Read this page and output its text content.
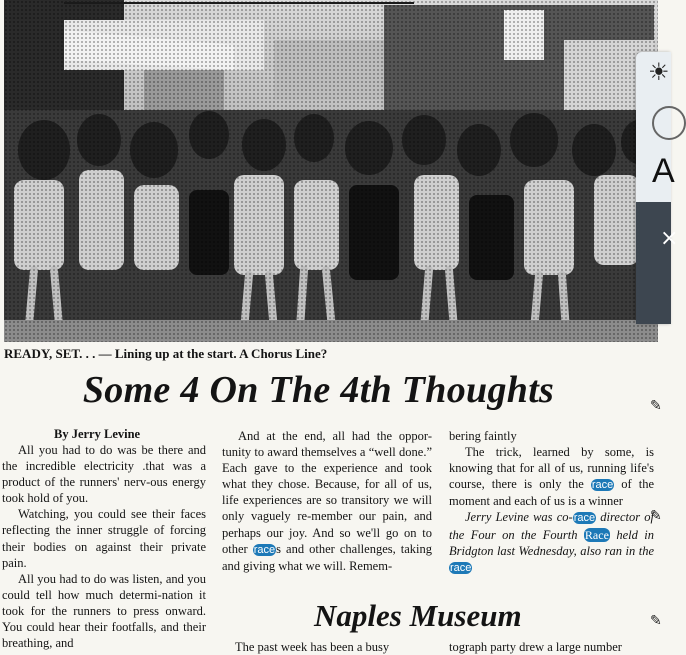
☀
A
×
READY, SET. . . — Lining up at the start. A Chorus Line?
Some 4 On The 4th Thoughts
By Jerry Levine

All you had to do was be there and the incredible electricity .that was a product of the runners' nerv-ous energy took hold of you.

Watching, you could see their faces reflecting the inner struggle of forcing their bodies on against their private pain.

All you had to do was listen, and you could tell how much determi-nation it took for the runners to press onward. You could hear their footfalls, and their breathing, and

And at the end, all had the oppor-tunity to award themselves a “well done.” Each gave to the experience and took what they chose. Because, for all of us, life experiences are so transitory we will only vaguely re-member our pain, and perhaps our joy. And so we'll go on to other races and other challenges, taking and giving what we will. Remem-

bering faintly

The trick, learned by some, is knowing that for all of us, running life's course, there is only the race of the moment and each of us is a winner

Jerry Levine was co-race director of the Four on the Fourth Race held in Bridgton last Wednesday, also ran in the race

Naples Museum
The past week has been a busy	tograph party drew a large number
✎
✎
✎
